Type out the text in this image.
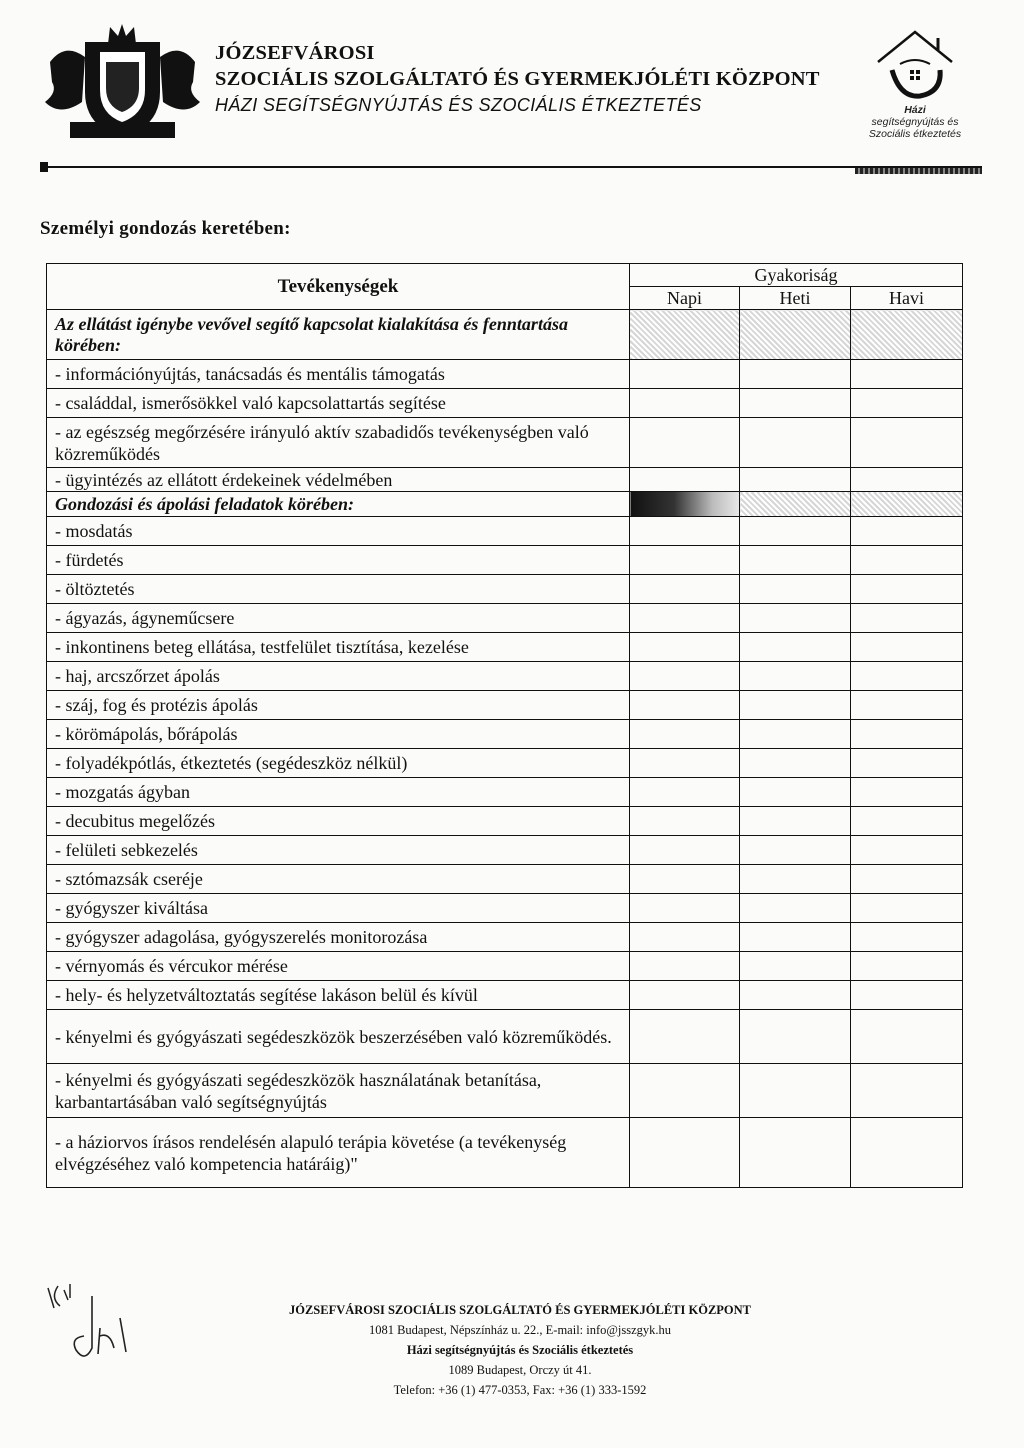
JÓZSEFVÁROSI
SZOCIÁLIS SZOLGÁLTATÓ ÉS GYERMEKJÓLÉTI KÖZPONT
HÁZI SEGÍTSÉGNYÚJTÁS ÉS SZOCIÁLIS ÉTKEZTETÉS	Házi
segítségnyújtás és
Szociális étkeztetés
Személyi gondozás keretében:
Tevékenységek	Gyakoriság		
	Napi	Heti	Havi
Az ellátást igénybe vevővel segítő kapcsolat kialakítása és fenntartása körében:			
- információnyújtás, tanácsadás és mentális támogatás			
- családdal, ismerősökkel való kapcsolattartás segítése			
- az egészség megőrzésére irányuló aktív szabadidős tevékenységben való közreműködés			
- ügyintézés az ellátott érdekeinek védelmében			
Gondozási és ápolási feladatok körében:			
- mosdatás			
- fürdetés			
- öltöztetés			
- ágyazás, ágyneműcsere			
- inkontinens beteg ellátása, testfelület tisztítása, kezelése			
- haj, arcszőrzet ápolás			
- száj, fog és protézis ápolás			
- körömápolás, bőrápolás			
- folyadékpótlás, étkeztetés (segédeszköz nélkül)			
- mozgatás ágyban			
- decubitus megelőzés			
- felületi sebkezelés			
- sztómazsák cseréje			
- gyógyszer kiváltása			
- gyógyszer adagolása, gyógyszerelés monitorozása			
- vérnyomás és vércukor mérése			
- hely- és helyzetváltoztatás segítése lakáson belül és kívül			
- kényelmi és gyógyászati segédeszközök beszerzésében való közreműködés.			
- kényelmi és gyógyászati segédeszközök használatának betanítása, karbantartásában való segítségnyújtás			
- a háziorvos írásos rendelésén alapuló terápia követése (a tevékenység elvégzéséhez való kompetencia határáig)"			
JÓZSEFVÁROSI SZOCIÁLIS SZOLGÁLTATÓ ÉS GYERMEKJÓLÉTI KÖZPONT
1081 Budapest, Népszínház u. 22., E-mail: info@jsszgyk.hu
Házi segítségnyújtás és Szociális étkeztetés
1089 Budapest, Orczy út 41.
Telefon: +36 (1) 477-0353, Fax: +36 (1) 333-1592
